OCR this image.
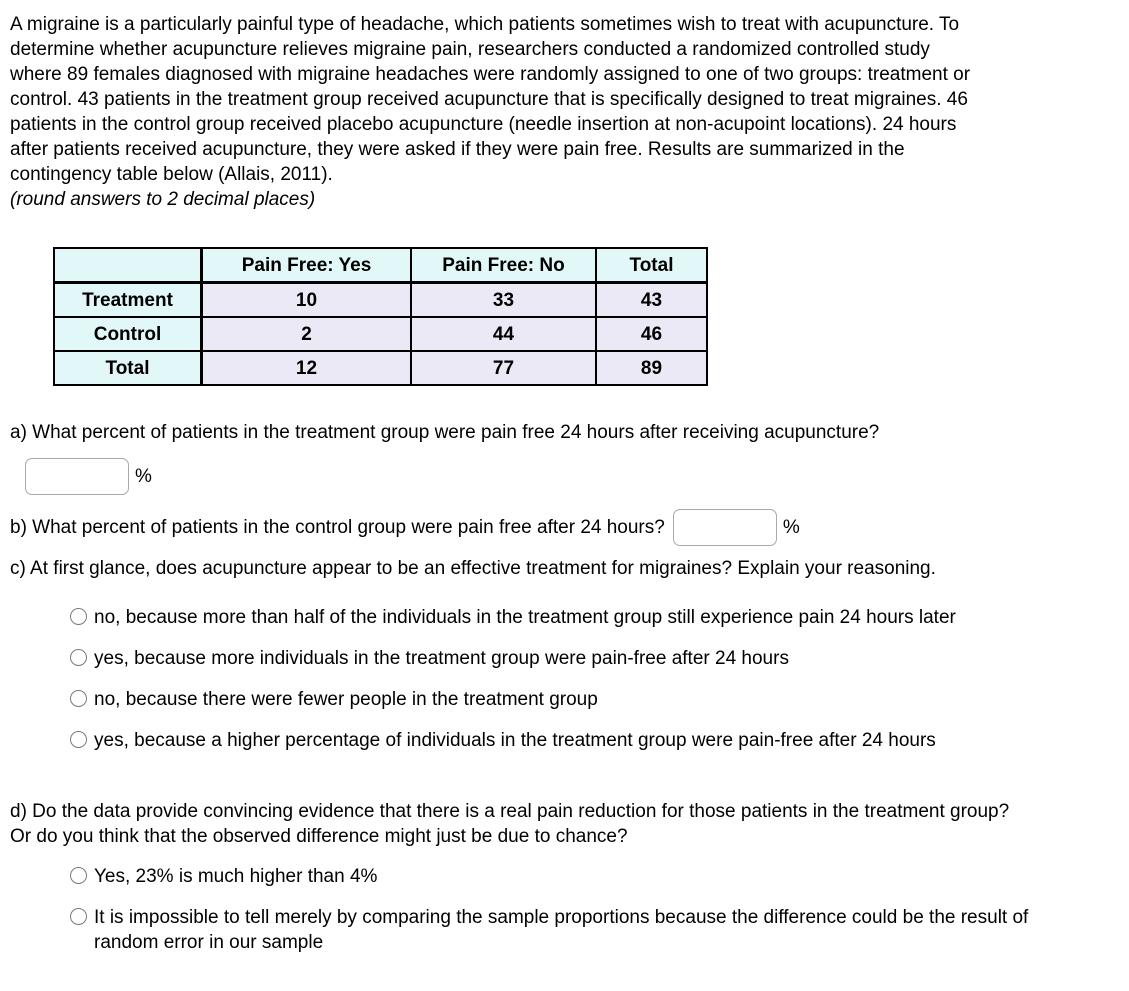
A migraine is a particularly painful type of headache, which patients sometimes wish to treat with acupuncture. To determine whether acupuncture relieves migraine pain, researchers conducted a randomized controlled study where 89 females diagnosed with migraine headaches were randomly assigned to one of two groups: treatment or control. 43 patients in the treatment group received acupuncture that is specifically designed to treat migraines. 46 patients in the control group received placebo acupuncture (needle insertion at non-acupoint locations). 24 hours after patients received acupuncture, they were asked if they were pain free. Results are summarized in the contingency table below (Allais, 2011).

(round answers to 2 decimal places)

	Pain Free: Yes	Pain Free: No	Total
Treatment	10	33	43
Control	2	44	46
Total	12	77	89

a) What percent of patients in the treatment group were pain free 24 hours after receiving acupuncture?

%
b) What percent of patients in the control group were pain free after 24 hours?	%

c) At first glance, does acupuncture appear to be an effective treatment for migraines? Explain your reasoning.

no, because more than half of the individuals in the treatment group still experience pain 24 hours later
yes, because more individuals in the treatment group were pain-free after 24 hours
no, because there were fewer people in the treatment group
yes, because a higher percentage of individuals in the treatment group were pain-free after 24 hours

d) Do the data provide convincing evidence that there is a real pain reduction for those patients in the treatment group? Or do you think that the observed difference might just be due to chance?

Yes, 23% is much higher than 4%
It is impossible to tell merely by comparing the sample proportions because the difference could be the result of random error in our sample
